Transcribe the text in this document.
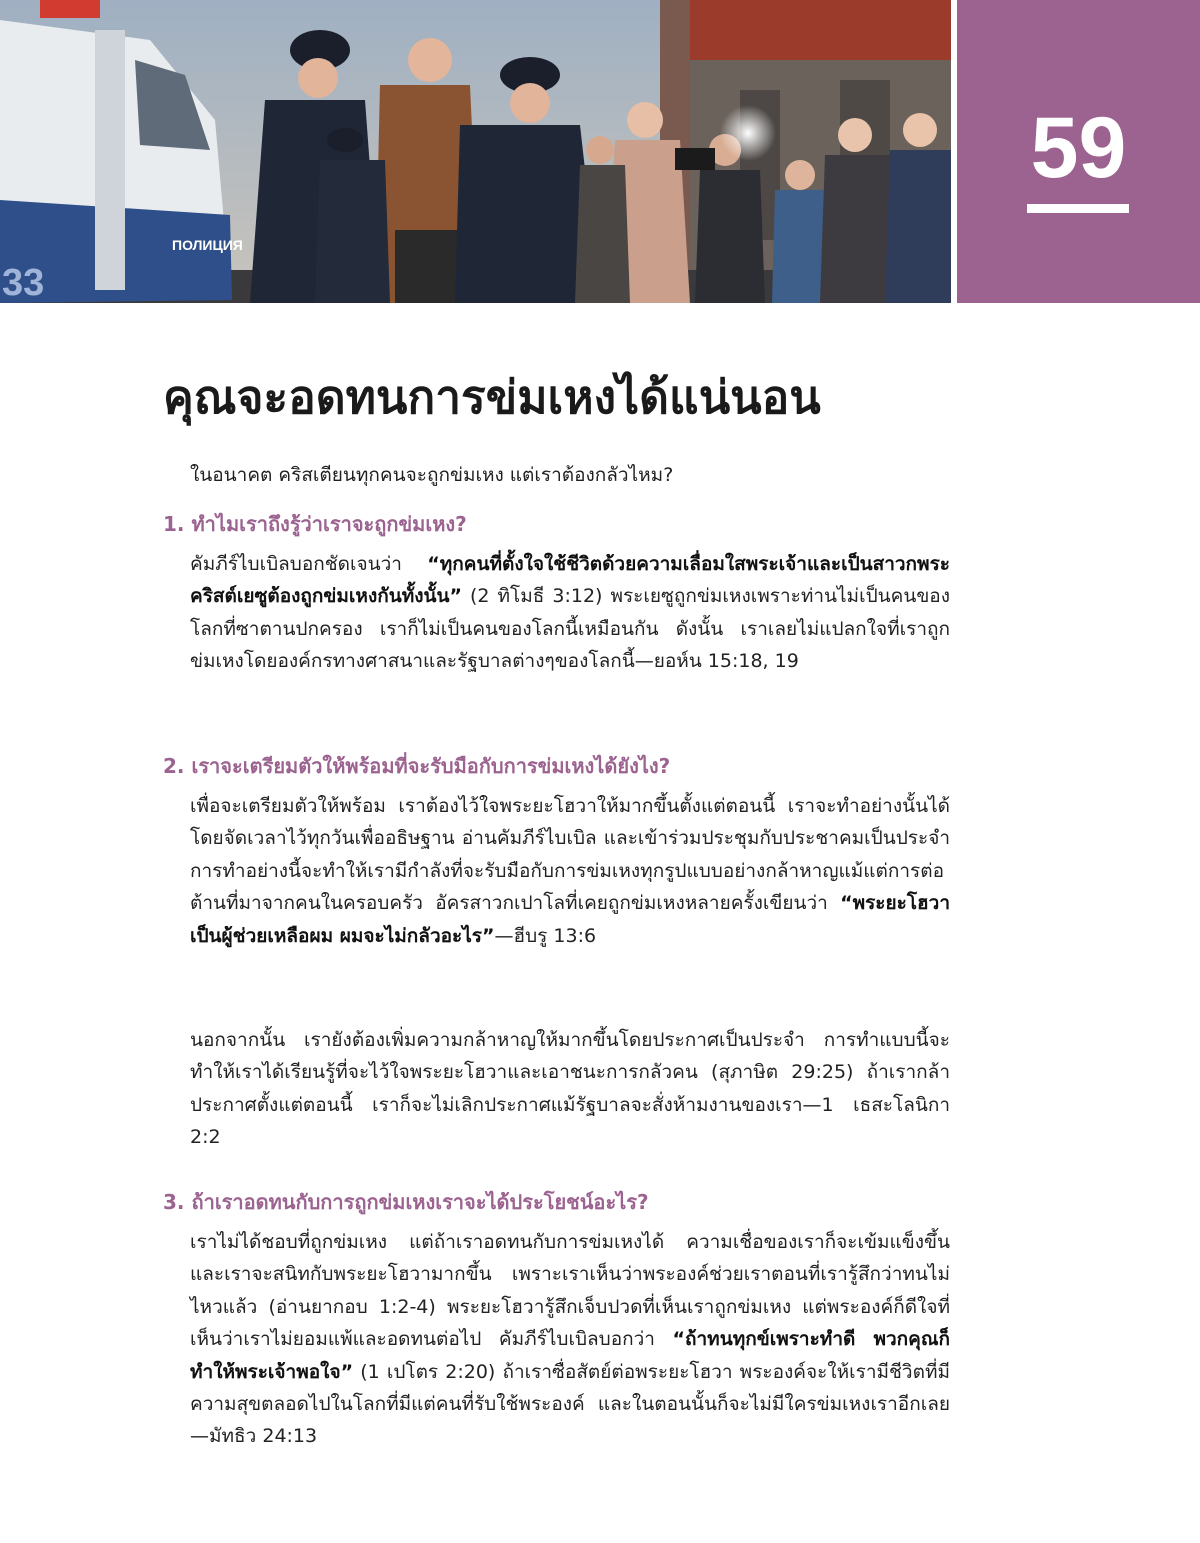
ПОЛИЦИЯ
33
59
คุณจะอดทนการข่มเหงได้แน่นอน

ในอนาคต คริสเตียนทุกคนจะถูกข่มเหง แต่เราต้องกลัวไหม?

1. ทำไมเราถึงรู้ว่าเราจะถูกข่มเหง?

คัมภีร์ไบเบิลบอกชัดเจนว่า “ทุกคนที่ตั้งใจใช้ชีวิตด้วยความเลื่อมใสพระเจ้าและเป็นสาวกพระคริสต์เยซูต้องถูกข่มเหงกันทั้งนั้น” (2 ทิโมธี 3:12) พระเยซูถูกข่มเหงเพราะท่านไม่เป็นคนของโลกที่ซาตานปกครอง เราก็ไม่เป็นคนของโลกนี้เหมือนกัน ดังนั้น เราเลยไม่แปลกใจที่เราถูกข่มเหงโดยองค์กรทางศาสนาและรัฐบาลต่างๆของโลกนี้—ยอห์น 15:18, 19

2. เราจะเตรียมตัวให้พร้อมที่จะรับมือกับการข่มเหงได้ยังไง?

เพื่อจะเตรียมตัวให้พร้อม เราต้องไว้ใจพระยะโฮวาให้มากขึ้นตั้งแต่ตอนนี้ เราจะทำอย่างนั้นได้โดยจัดเวลาไว้ทุกวันเพื่ออธิษฐาน อ่านคัมภีร์ไบเบิล และเข้าร่วมประชุมกับประชาคมเป็นประจำ การทำอย่างนี้จะทำให้เรามีกำลังที่จะรับมือกับการข่มเหงทุกรูปแบบอย่างกล้าหาญแม้แต่การต่อต้านที่มาจากคนในครอบครัว อัครสาวกเปาโลที่เคยถูกข่มเหงหลายครั้งเขียนว่า “พระยะโฮวาเป็นผู้ช่วยเหลือผม ผมจะไม่กลัวอะไร”—ฮีบรู 13:6

นอกจากนั้น เรายังต้องเพิ่มความกล้าหาญให้มากขึ้นโดยประกาศเป็นประจำ การทำแบบนี้จะทำให้เราได้เรียนรู้ที่จะไว้ใจพระยะโฮวาและเอาชนะการกลัวคน (สุภาษิต 29:25) ถ้าเรากล้าประกาศตั้งแต่ตอนนี้ เราก็จะไม่เลิกประกาศแม้รัฐบาลจะสั่งห้ามงานของเรา—1 เธสะโลนิกา 2:2

3. ถ้าเราอดทนกับการถูกข่มเหงเราจะได้ประโยชน์อะไร?

เราไม่ได้ชอบที่ถูกข่มเหง แต่ถ้าเราอดทนกับการข่มเหงได้ ความเชื่อของเราก็จะเข้มแข็งขึ้น และเราจะสนิทกับพระยะโฮวามากขึ้น เพราะเราเห็นว่าพระองค์ช่วยเราตอนที่เรารู้สึกว่าทนไม่ไหวแล้ว (อ่านยากอบ 1:2-4) พระยะโฮวารู้สึกเจ็บปวดที่เห็นเราถูกข่มเหง แต่พระองค์ก็ดีใจที่เห็นว่าเราไม่ยอมแพ้และอดทนต่อไป คัมภีร์ไบเบิลบอกว่า “ถ้าทนทุกข์เพราะทำดี พวกคุณก็ทำให้พระเจ้าพอใจ” (1 เปโตร 2:20) ถ้าเราซื่อสัตย์ต่อพระยะโฮวา พระองค์จะให้เรามีชีวิตที่มีความสุขตลอดไปในโลกที่มีแต่คนที่รับใช้พระองค์ และในตอนนั้นก็จะไม่มีใครข่มเหงเราอีกเลย—มัทธิว 24:13
